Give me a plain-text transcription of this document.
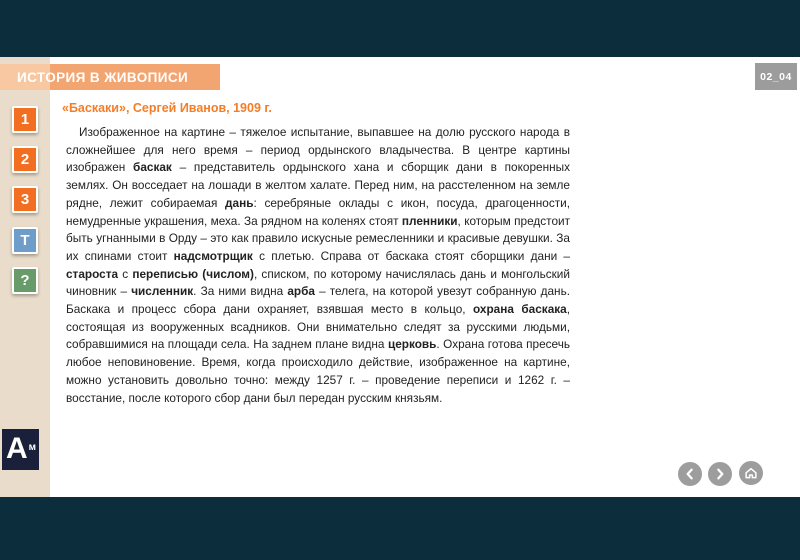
ИСТОРИЯ В ЖИВОПИСИ	02_04
1
2
3
Т
?
«Баскаки», Сергей Иванов, 1909 г.

Изображенное на картине – тяжелое испытание, выпавшее на долю русского народа в сложнейшее для него время – период ордынского владычества. В центре картины изображен баскак – представитель ордынского хана и сборщик дани в покоренных землях. Он восседает на лошади в желтом халате. Перед ним, на расстеленном на земле рядне, лежит собираемая дань: серебряные оклады с икон, посуда, драгоценности, немудренные украшения, меха. За рядном на коленях стоят пленники, которым предстоит быть угнанными в Орду – это как правило искусные ремесленники и красивые девушки. За их спинами стоит надсмотрщик с плетью. Справа от баскака стоят сборщики дани – староста с переписью (числом), списком, по которому начислялась дань и монгольский чиновник – численник. За ними видна арба – телега, на которой увезут собранную дань. Баскака и процесс сбора дани охраняет, взявшая место в кольцо, охрана баскака, состоящая из вооруженных всадников. Они внимательно следят за русскими людьми, собравшимися на площади села. На заднем плане видна церковь. Охрана готова пресечь любое неповиновение. Время, когда происходило действие, изображенное на картине, можно установить довольно точно: между 1257 г. – проведение переписи и 1262 г. – восстание, после которого сбор дани был передан русским князьям.

А м
